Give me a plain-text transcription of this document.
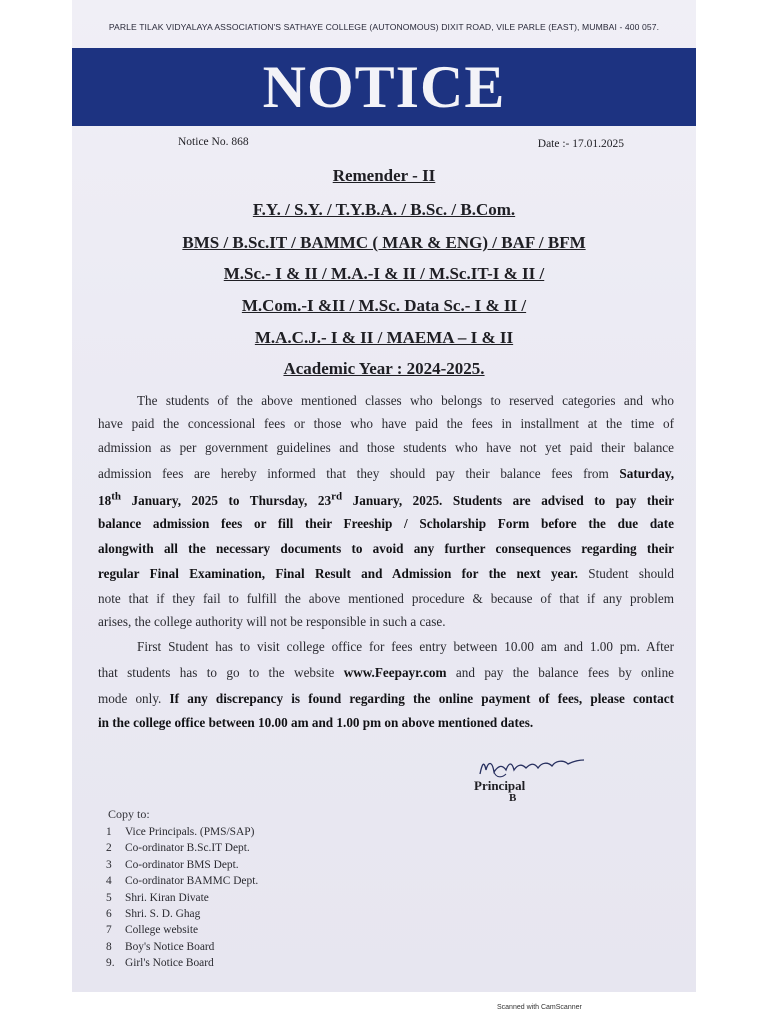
PARLE TILAK VIDYALAYA ASSOCIATION'S SATHAYE COLLEGE (AUTONOMOUS) DIXIT ROAD, VILE PARLE (EAST), MUMBAI - 400 057.
NOTICE
Notice No. 868	Date :- 17.01.2025
Remender - II
F.Y. / S.Y. / T.Y.B.A. / B.Sc. / B.Com.
BMS / B.Sc.IT / BAMMC ( MAR & ENG) / BAF / BFM
M.Sc.- I & II / M.A.-I & II / M.Sc.IT-I & II /
M.Com.-I &II / M.Sc. Data Sc.- I & II /
M.A.C.J.- I & II / MAEMA – I & II
Academic Year : 2024-2025.
The students of the above mentioned classes who belongs to reserved categories and who
have paid the concessional fees or those who have paid the fees in installment at the time of
admission as per government guidelines and those students who have not yet paid their balance
admission fees are hereby informed that they should pay their balance fees from Saturday,
18th January, 2025 to Thursday, 23rd January, 2025. Students are advised to pay their
balance admission fees or fill their Freeship / Scholarship Form before the due date
alongwith all the necessary documents to avoid any further consequences regarding their
regular Final Examination, Final Result and Admission for the next year. Student should
note that if they fail to fulfill the above mentioned procedure & because of that if any problem
arises, the college authority will not be responsible in such a case.
First Student has to visit college office for fees entry between 10.00 am and 1.00 pm. After
that students has to go to the website www.Feepayr.com and pay the balance fees by online
mode only. If any discrepancy is found regarding the online payment of fees, please contact
in the college office between 10.00 am and 1.00 pm on above mentioned dates.
Principal
B
Copy to:
1 Vice Principals. (PMS/SAP)
2 Co-ordinator B.Sc.IT Dept.
3 Co-ordinator BMS Dept.
4 Co-ordinator BAMMC Dept.
5 Shri. Kiran Divate
6 Shri. S. D. Ghag
7 College website
8 Boy's Notice Board
9. Girl's Notice Board
Scanned with CamScanner
